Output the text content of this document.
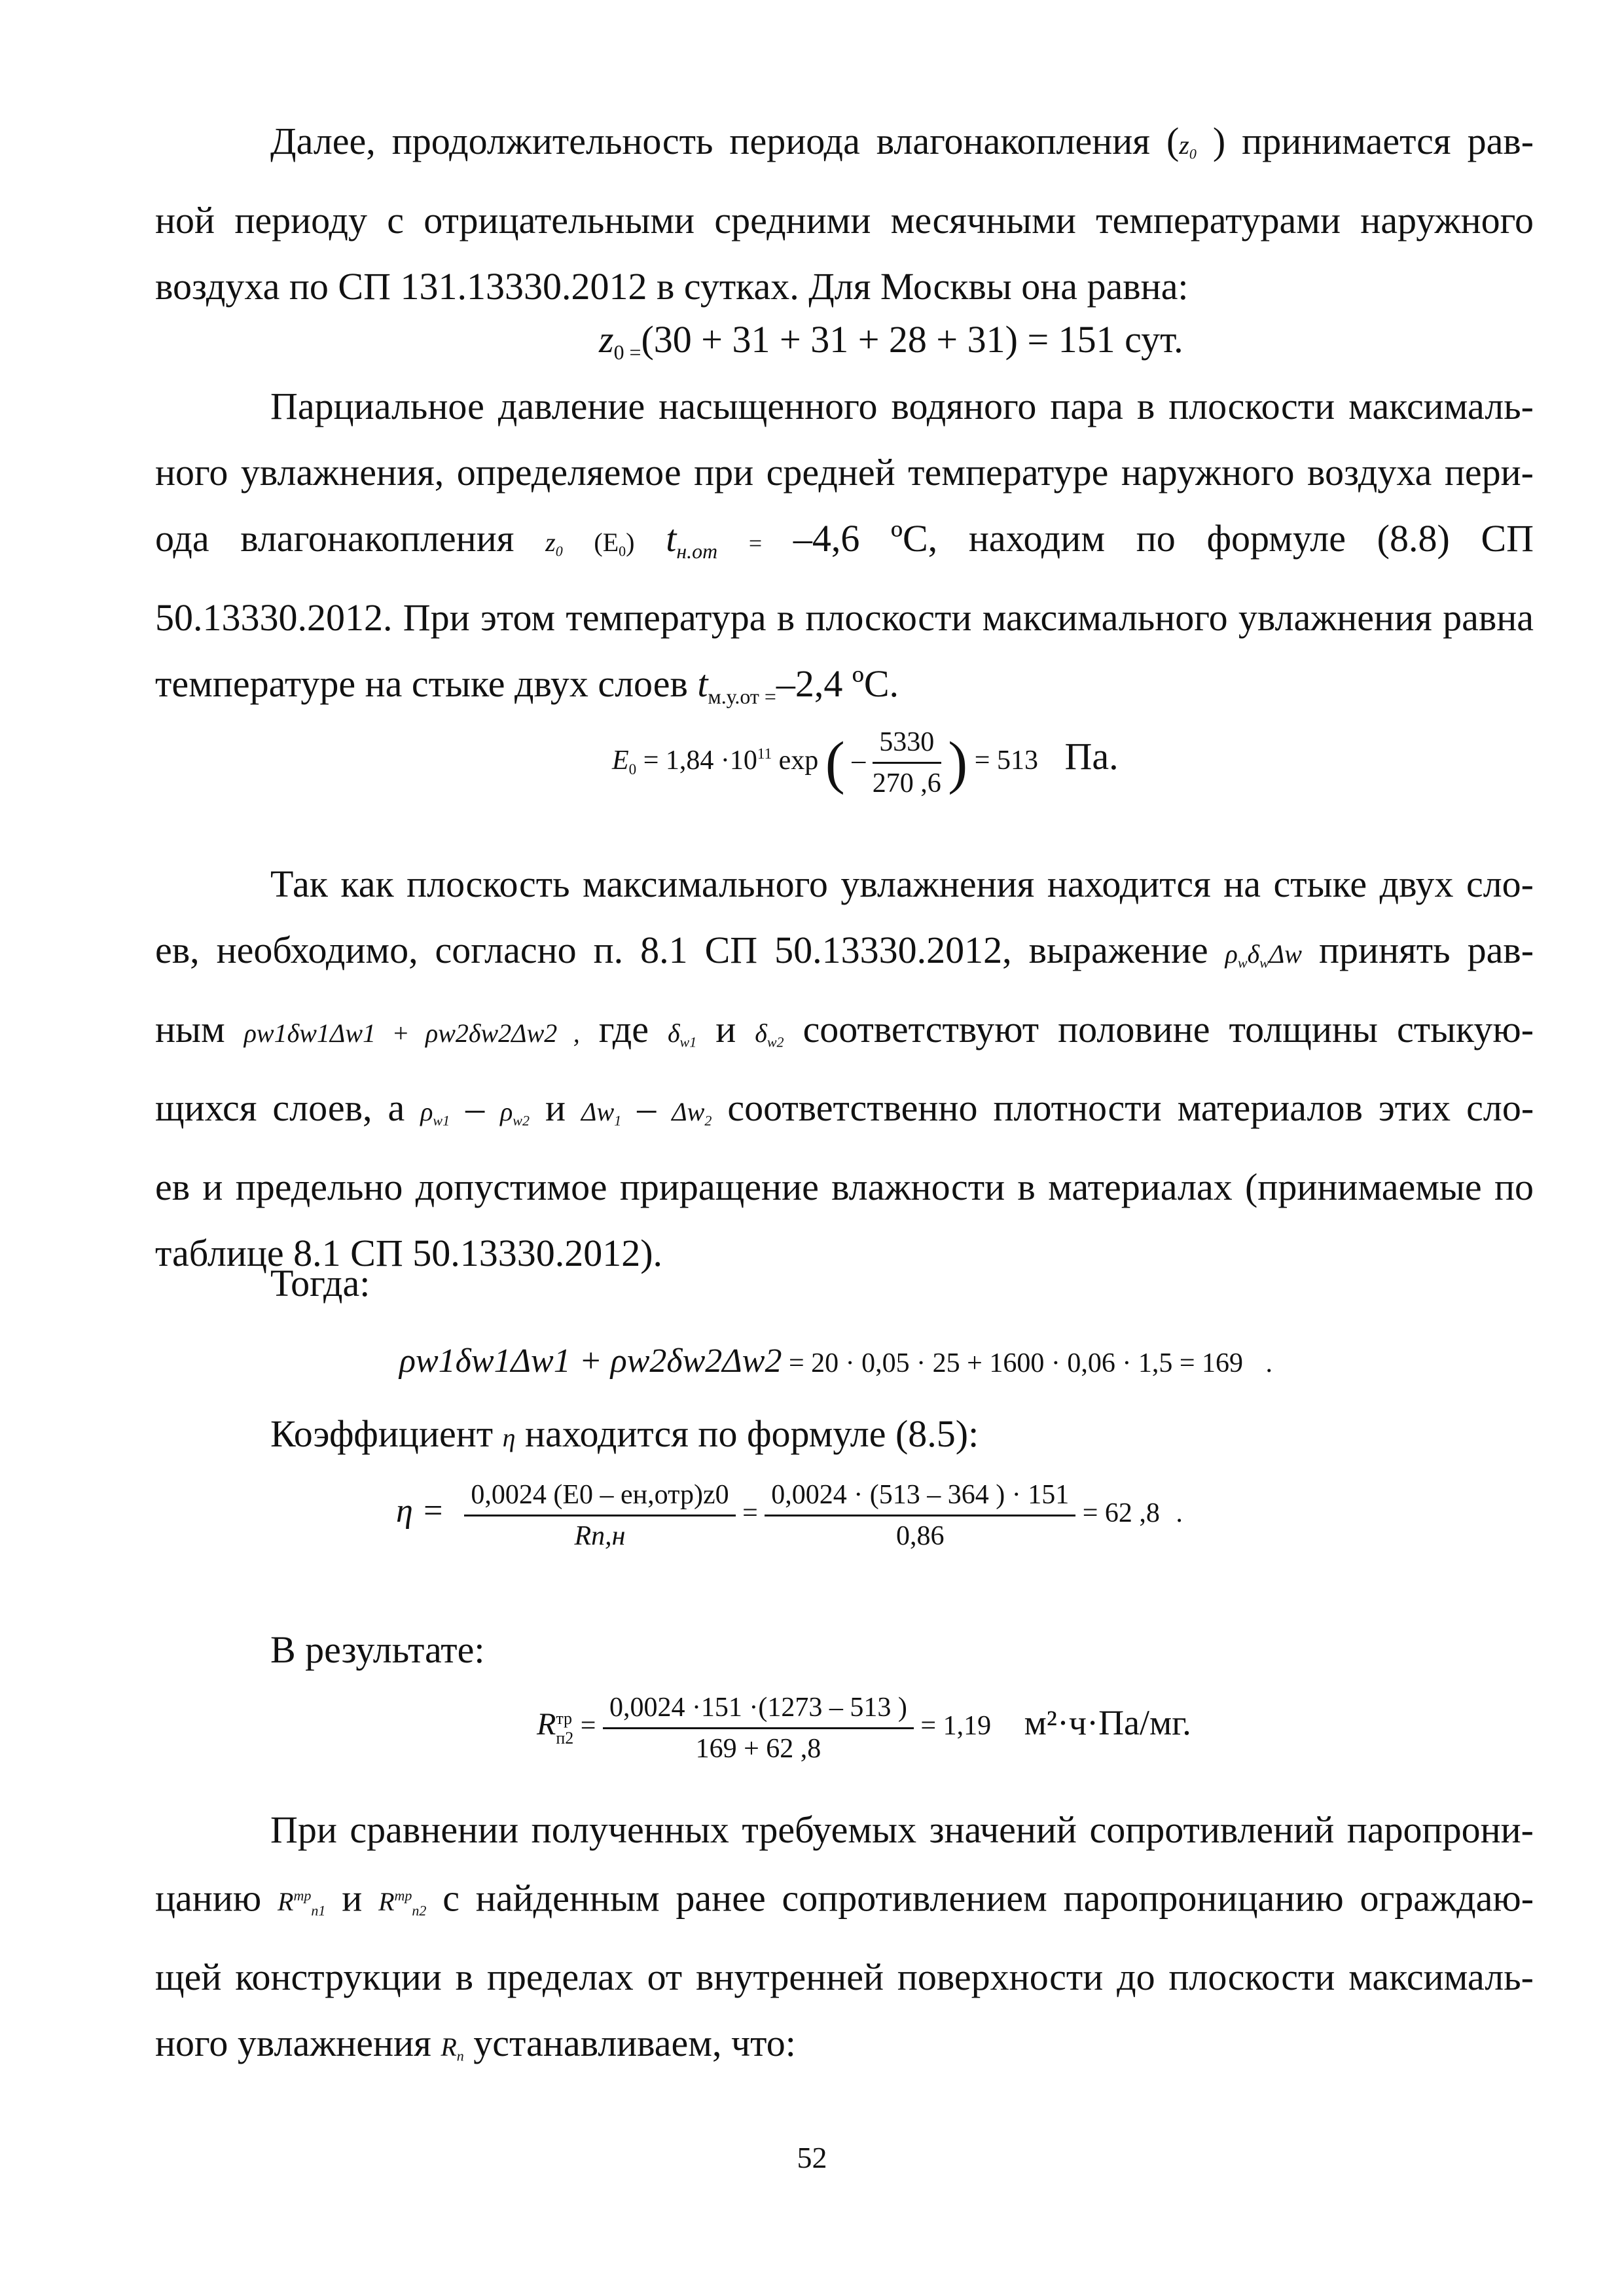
Далее, продолжительность периода влагонакопления ($z_0$ ) принимается рав-
ной периоду с отрицательными средними месячными температурами наружного
воздуха по СП 131.13330.2012 в сутках. Для Москвы она равна:
$z_{0 =}(30 + 31 + 31 + 28 + 31) = 151$ сут.
Парциальное давление насыщенного водяного пара в плоскости максималь-
ного увлажнения, определяемое при средней температуре наружного воздуха пери-
ода влагонакопления $z_0$ $(E_0) t_{н.от} = -4,6$ ºС, находим по формуле (8.8) СП
50.13330.2012. При этом температура в плоскости максимального увлажнения равна
температуре на стыке двух слоев $t_{м.у.от =}-2,4$ ºС.
$E_0 = 1,84 \cdot 10^{11}$ exp ( – $\frac{5330}{270 ,6}$ ) = 513 Па.
Так как плоскость максимального увлажнения находится на стыке двух сло-
ев, необходимо, согласно п. 8.1 СП 50.13330.2012, выражение $\rho_w\delta_w\Delta w$ принять рав-
ным ρw1δw1Δw1 + ρw2δw2Δw2 , где $\delta_{w1}$ и $\delta_{w2}$ соответствуют половине толщины стыкую-
щихся слоев, а $\rho_{w1} - \rho_{w2}$ и $\Delta w_1 - \Delta w_2$ соответственно плотности материалов этих сло-
ев и предельно допустимое приращение влажности в материалах (принимаемые по
таблице 8.1 СП 50.13330.2012).
Тогда:
ρw1δw1Δw1 + ρw2δw2Δw2 = 20 · 0,05 · 25 + 1600 · 0,06 · 1,5 = 169 .
Коэффициент η находится по формуле (8.5):
$\eta = \frac{\text{0,0024 (E0 – eн,отр)z0}}{Rп,н} = \frac{0,0024 \cdot (513 - 364 ) \cdot 151}{0,86} = 62$ ,8 .
В результате:
R тр
$п2 = \frac{0,0024 \cdot 151 \cdot(1273 - 513 )}{169 + 62 ,8} = 1,19$ м²·ч·Па/мг.
При сравнении полученных требуемых значений сопротивлений паропрони-
цанию $R^{тр}_{п1}$ и $R^{тр}_{п2}$ с найденным ранее сопротивлением паропроницанию ограждаю-
щей конструкции в пределах от внутренней поверхности до плоскости максималь-
ного увлажнения $R_п$ устанавливаем, что:
52
